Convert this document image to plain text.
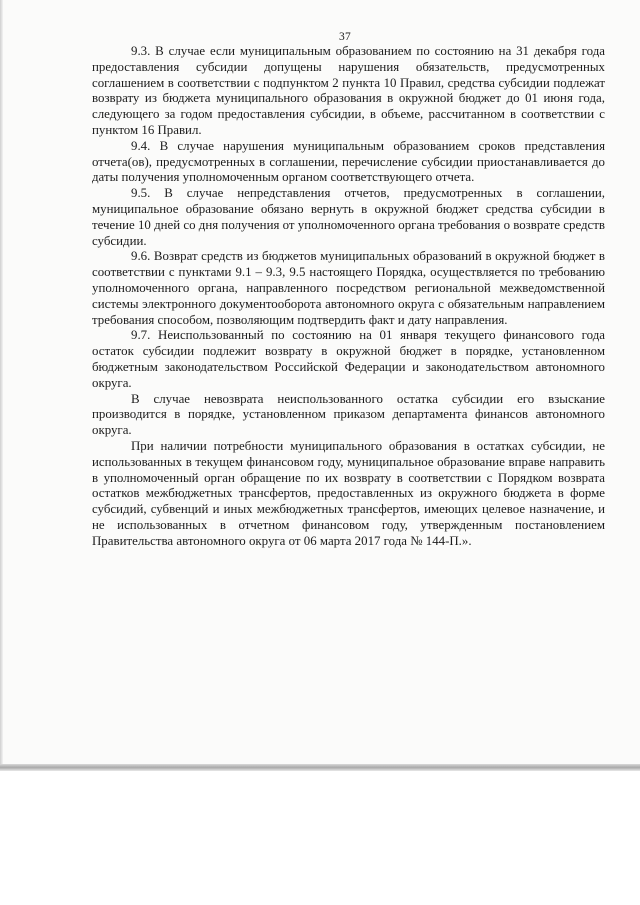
37

9.3. В случае если муниципальным образованием по состоянию на 31 декабря года предоставления субсидии допущены нарушения обязательств, предусмотренных соглашением в соответствии с подпунктом 2 пункта 10 Правил, средства субсидии подлежат возврату из бюджета муниципального образования в окружной бюджет до 01 июня года, следующего за годом предоставления субсидии, в объеме, рассчитанном в соответствии с пунктом 16 Правил.

9.4. В случае нарушения муниципальным образованием сроков представления отчета(ов), предусмотренных в соглашении, перечисление субсидии приостанавливается до даты получения уполномоченным органом соответствующего отчета.

9.5. В случае непредставления отчетов, предусмотренных в соглашении, муниципальное образование обязано вернуть в окружной бюджет средства субсидии в течение 10 дней со дня получения от уполномоченного органа требования о возврате средств субсидии.

9.6. Возврат средств из бюджетов муниципальных образований в окружной бюджет в соответствии с пунктами 9.1 – 9.3, 9.5 настоящего Порядка, осуществляется по требованию уполномоченного органа, направленного посредством региональной межведомственной системы электронного документооборота автономного округа с обязательным направлением требования способом, позволяющим подтвердить факт и дату направления.

9.7. Неиспользованный по состоянию на 01 января текущего финансового года остаток субсидии подлежит возврату в окружной бюджет в порядке, установленном бюджетным законодательством Российской Федерации и законодательством автономного округа.

В случае невозврата неиспользованного остатка субсидии его взыскание производится в порядке, установленном приказом департамента финансов автономного округа.

При наличии потребности муниципального образования в остатках субсидии, не использованных в текущем финансовом году, муниципальное образование вправе направить в уполномоченный орган обращение по их возврату в соответствии с Порядком возврата остатков межбюджетных трансфертов, предоставленных из окружного бюджета в форме субсидий, субвенций и иных межбюджетных трансфертов, имеющих целевое назначение, и не использованных в отчетном финансовом году, утвержденным постановлением Правительства автономного округа от 06 марта 2017 года № 144-П.».
